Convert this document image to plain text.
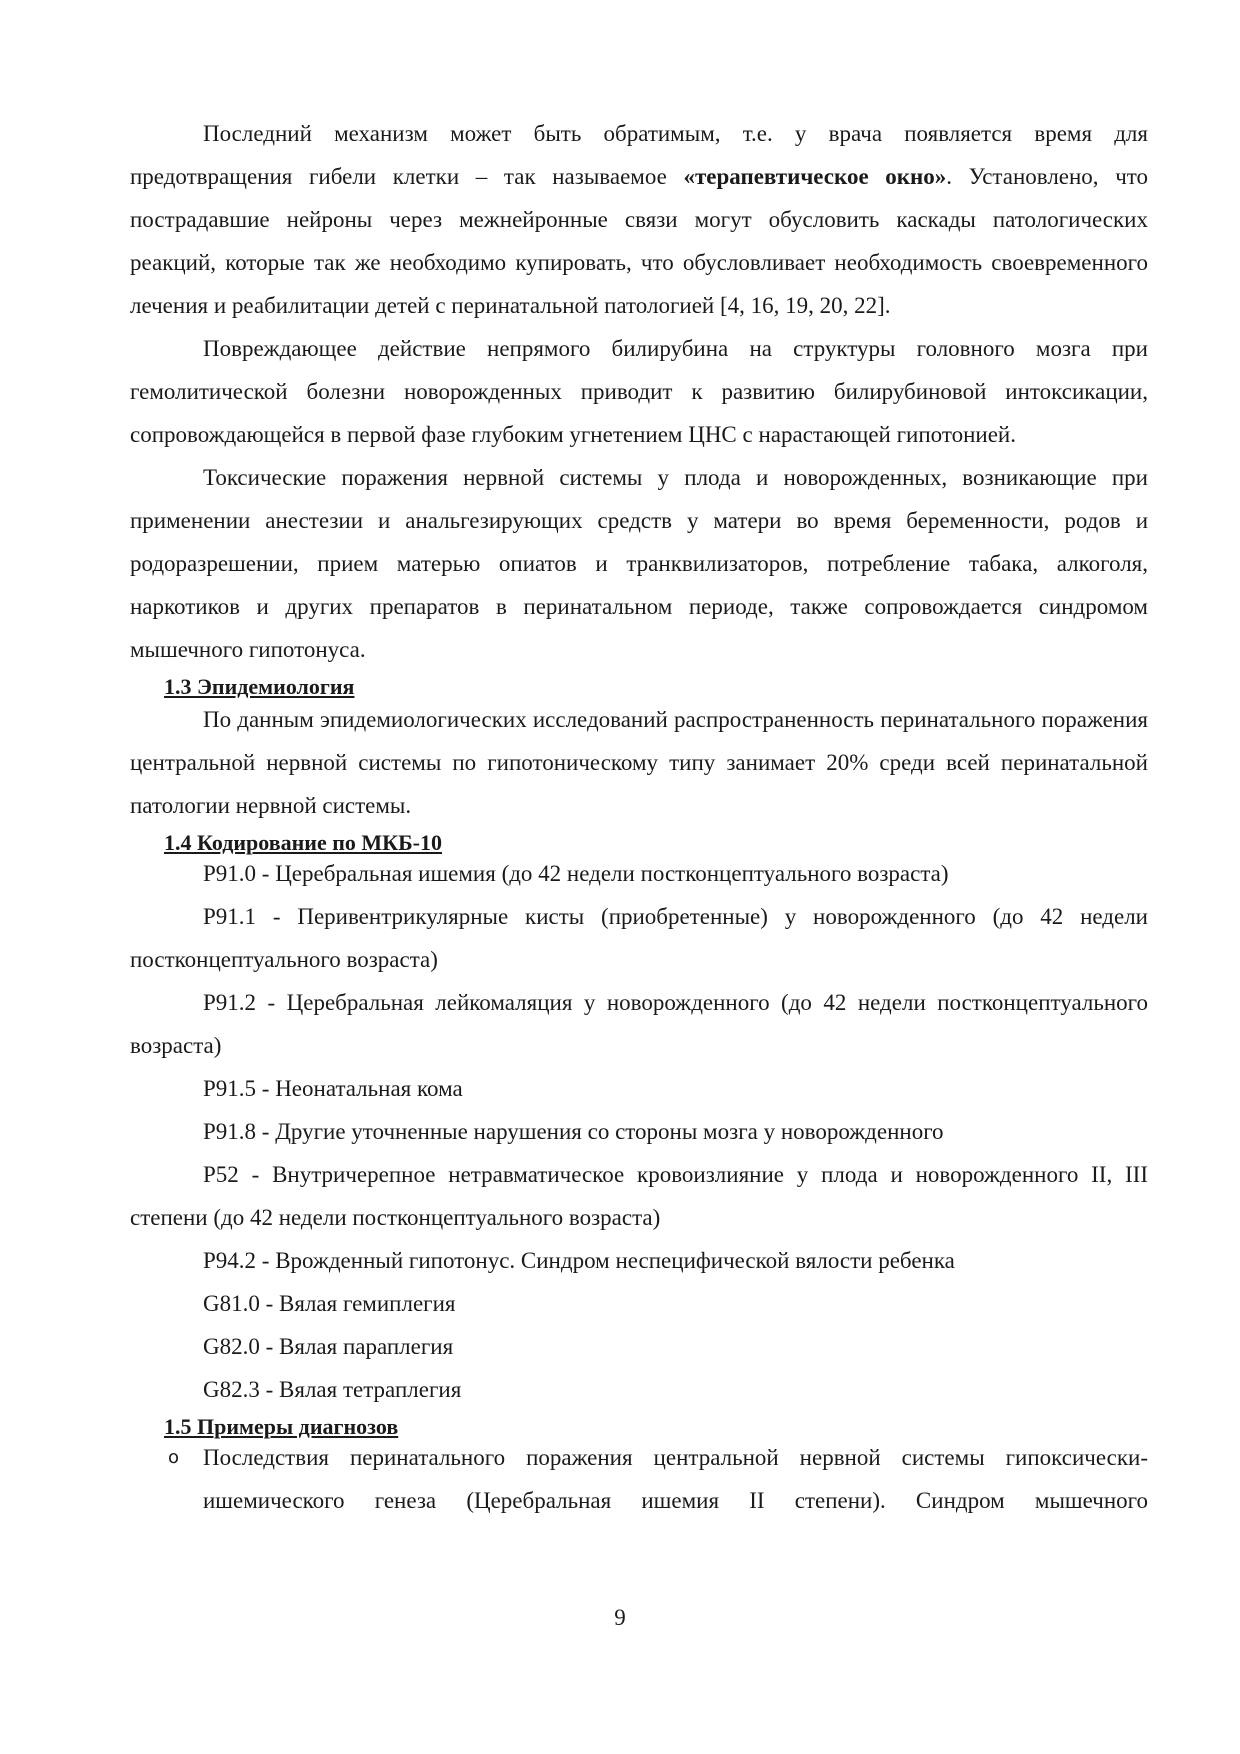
Последний механизм может быть обратимым, т.е. у врача появляется время для предотвращения гибели клетки – так называемое «терапевтическое окно». Установлено, что пострадавшие нейроны через межнейронные связи могут обусловить каскады патологических реакций, которые так же необходимо купировать, что обусловливает необходимость своевременного лечения и реабилитации детей с перинатальной патологией [4, 16, 19, 20, 22].

Повреждающее действие непрямого билирубина на структуры головного мозга при гемолитической болезни новорожденных приводит к развитию билирубиновой интоксикации, сопровождающейся в первой фазе глубоким угнетением ЦНС с нарастающей гипотонией.

Токсические поражения нервной системы у плода и новорожденных, возникающие при применении анестезии и анальгезирующих средств у матери во время беременности, родов и родоразрешении, прием матерью опиатов и транквилизаторов, потребление табака, алкоголя, наркотиков и других препаратов в перинатальном периоде, также сопровождается синдромом мышечного гипотонуса.

1.3 Эпидемиология

По данным эпидемиологических исследований распространенность перинатального поражения центральной нервной системы по гипотоническому типу занимает 20% среди всей перинатальной патологии нервной системы.

1.4 Кодирование по МКБ-10

P91.0 - Церебральная ишемия (до 42 недели постконцептуального возраста)

P91.1 - Перивентрикулярные кисты (приобретенные) у новорожденного (до 42 недели постконцептуального возраста)

P91.2 - Церебральная лейкомаляция у новорожденного (до 42 недели постконцептуального возраста)

P91.5 - Неонатальная кома

P91.8 - Другие уточненные нарушения со стороны мозга у новорожденного

P52 - Внутричерепное нетравматическое кровоизлияние у плода и новорожденного II, III степени (до 42 недели постконцептуального возраста)

P94.2 - Врожденный гипотонус. Синдром неспецифической вялости ребенка

G81.0 - Вялая гемиплегия

G82.0 - Вялая параплегия

G82.3 - Вялая тетраплегия

1.5 Примеры диагнозов

o Последствия перинатального поражения центральной нервной системы гипоксически-ишемического генеза (Церебральная ишемия II степени). Синдром мышечного

9
